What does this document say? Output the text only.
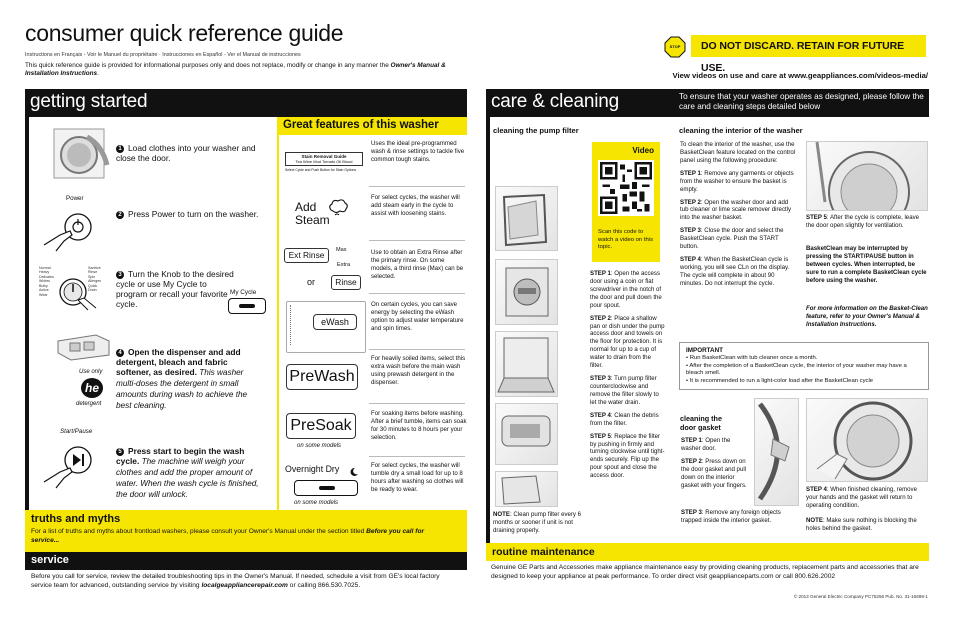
consumer quick reference guide
Instructions en Français - Voir le Manuel du propriétaire · Instrucciones en Español - Ver el Manual de instrucciones
This quick reference guide is provided for informational purposes only and does not replace, modify or change in any manner the Owner's Manual & Installation Instructions.
STOP	DO NOT DISCARD. RETAIN FOR FUTURE USE.
View videos on use and care at www.geappliances.com/videos-media/
getting started
Power
Normal
Heavy
Delicates
Whites
Bulky
Active Wear
Sanitize
Rinse
Spin
Allergen
Quick
Drain
Use only
he
detergent
Start/Pause
1 Load clothes into your washer and close the door.
2 Press Power to turn on the washer.
3 Turn the Knob to the desired cycle or use My Cycle to program or recall your favorite cycle.
My Cycle
4 Open the dispenser and add detergent, bleach and fabric softener, as desired. This washer multi-doses the detergent in small amounts during wash to achieve the best cleaning.
5 Press start to begin the wash cycle. The machine will weigh your clothes and add the proper amount of water. When the wash cycle is finished, the door will unlock.
Great features of this washer
Stain Removal Guide
Tea Wine Mud Tomato Oil Blood
Select Cycle and Push Button for Stain Options
Add Steam
Ext Rinse	Max
Extra
or	Rinse
eWash
PreWash
PreSoak
on some models
Overnight Dry
on some models
Uses the ideal pre-programmed wash & rinse settings to tackle five common tough stains.
For select cycles, the washer will add steam early in the cycle to assist with loosening stains.
Use to obtain an Extra Rinse after the primary rinse. On some models, a third rinse (Max) can be selected.
On certain cycles, you can save energy by selecting the eWash option to adjust water temperature and spin times.
For heavily soiled items, select this extra wash before the main wash using prewash detergent in the dispenser.
For soaking items before washing. After a brief tumble, items can soak for 30 minutes to 8 hours per your selection.
For select cycles, the washer will tumble dry a small load for up to 8 hours after washing so clothes will be ready to wear.
truths and myths
For a list of truths and myths about frontload washers, please consult your Owner's Manual under the section titled Before you call for service...
service
Before you call for service, review the detailed troubleshooting tips in the Owner's Manual. If needed, schedule a visit from GE's local factory service team for advanced, outstanding service by visiting localgeappliancerepair.com or calling 866.530.7025.
care & cleaning	To ensure that your washer operates as designed, please follow the care and cleaning steps detailed below
cleaning the pump filter
NOTE: Clean pump filter every 6 months or sooner if unit is not draining properly.
Video
Scan this code to watch a video on this topic.
STEP 1: Open the access door using a coin or flat screwdriver in the notch of the door and pull down the pour spout.
STEP 2: Place a shallow pan or dish under the pump access door and towels on the floor for protection. It is normal for up to a cup of water to drain from the filter.
STEP 3: Turn pump filter counterclockwise and remove the filter slowly to let the water drain.
STEP 4: Clean the debris from the filter.
STEP 5: Replace the filter by pushing in firmly and turning clockwise until tight-ends securely. Flip up the pour spout and close the access door.
cleaning the interior of the washer
To clean the interior of the washer, use the BasketClean feature located on the control panel using the following procedure:
STEP 1: Remove any garments or objects from the washer to ensure the basket is empty.
STEP 2: Open the washer door and add tub cleaner or lime scale remover directly into the washer basket.
STEP 3: Close the door and select the BasketClean cycle. Push the START button.
STEP 4: When the BasketClean cycle is working, you will see CLn on the display. The cycle will complete in about 90 minutes. Do not interrupt the cycle.
STEP 5: After the cycle is complete, leave the door open slightly for ventilation.
BasketClean may be interrupted by pressing the START/PAUSE button in between cycles. When interrupted, be sure to run a complete BasketClean cycle before using the washer.
For more information on the Basket-Clean feature, refer to your Owner's Manual & Installation Instructions.
IMPORTANT
• Run BasketClean with tub cleaner once a month.
• After the completion of a BasketClean cycle, the interior of your washer may have a bleach smell.
• It is recommended to run a light-color load after the BasketClean cycle
cleaning the door gasket
STEP 1: Open the washer door.
STEP 2: Press down on the door gasket and pull down on the interior gasket with your fingers.
STEP 3: Remove any foreign objects trapped inside the interior gasket.
STEP 4: When finished cleaning, remove your hands and the gasket will return to operating condition.
NOTE: Make sure nothing is blocking the holes behind the gasket.
routine maintenance
Genuine GE Parts and Accessories make appliance maintenance easy by providing cleaning products, replacement parts and accessories that are designed to keep your appliance at peak performance. To order direct visit geapplianceparts.com or call 800.626.2002
© 2013 General Electric Company PC75256 Pub. No. 31-16698-1
